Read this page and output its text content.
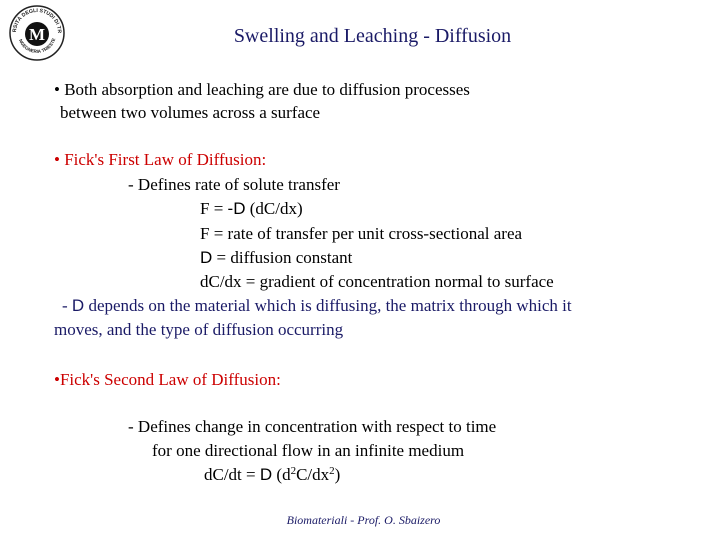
RSITÀ DEGLI STUDI DI TR
NGEGNERIA TRIESTE
M	Swelling and Leaching - Diffusion
• Both absorption and leaching are due to diffusion processes
between two volumes across a surface
• Fick's First Law of Diffusion:
- Defines rate of solute transfer
F = -D (dC/dx)
F = rate of transfer per unit cross-sectional area
D = diffusion constant
dC/dx = gradient of concentration normal to surface
- D depends on the material which is diffusing, the matrix through which it
moves, and the type of diffusion occurring
•Fick's Second Law of Diffusion:
- Defines change in concentration with respect to time
for one directional flow in an infinite medium
dC/dt = D $(d^2C/dx^2)$
Biomateriali - Prof. O. Sbaizero
